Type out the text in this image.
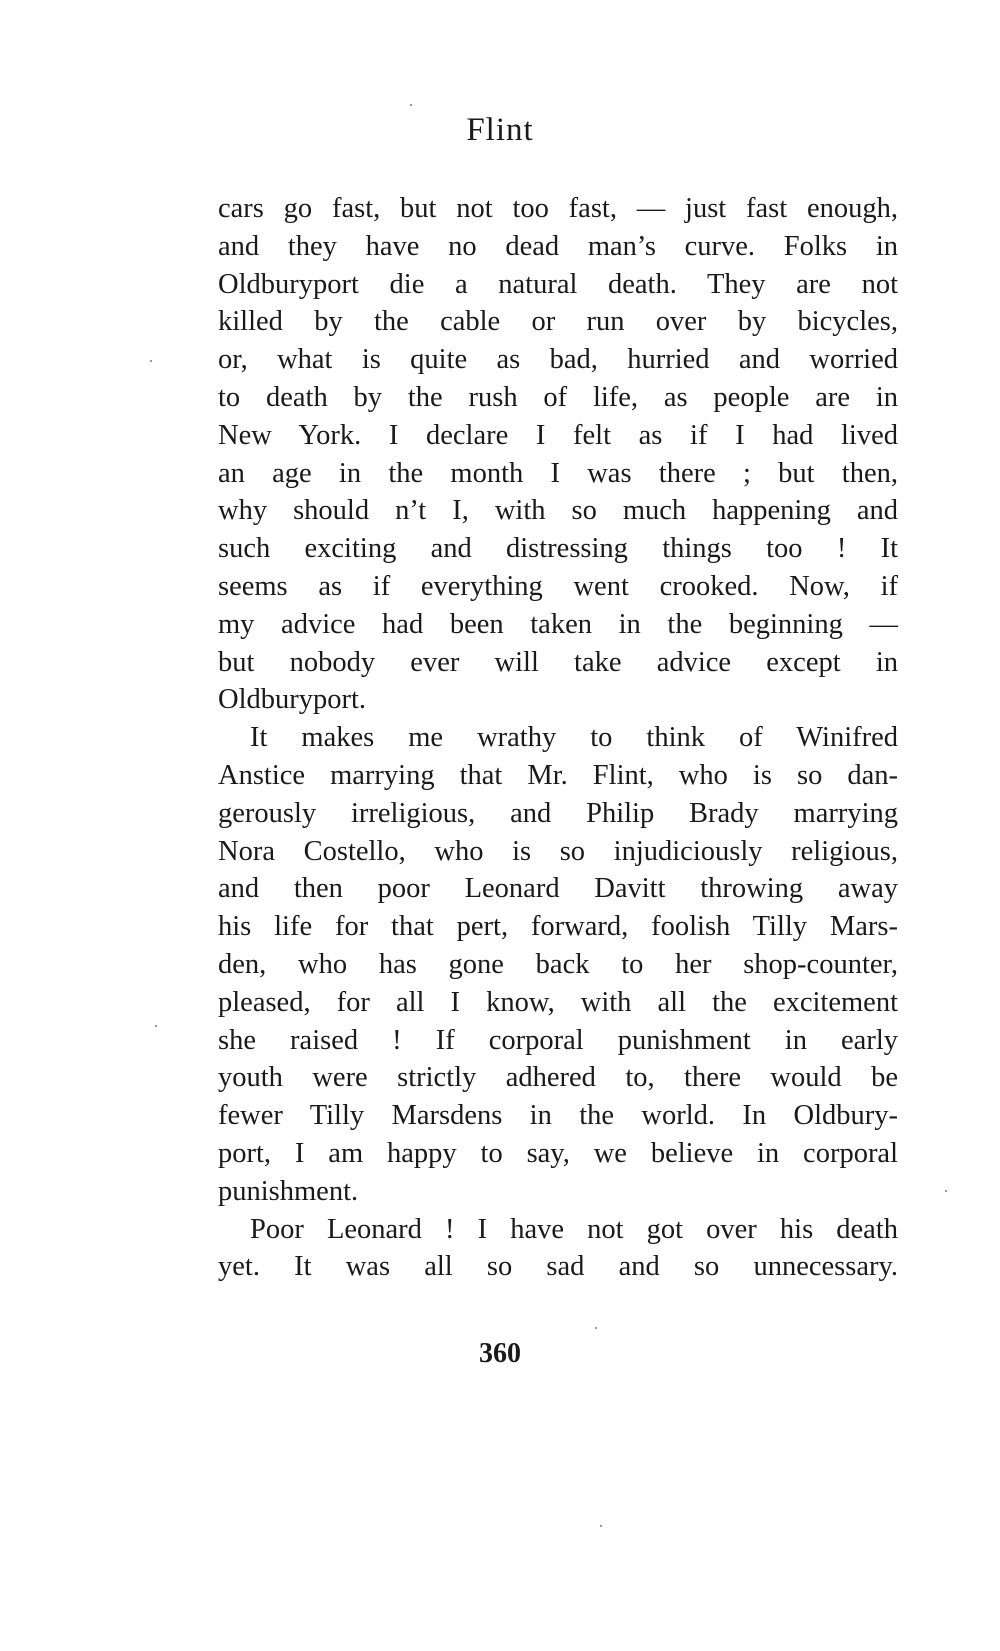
Flint
cars go fast, but not too fast, — just fast enough,
and they have no dead man’s curve. Folks in
Oldburyport die a natural death. They are not
killed by the cable or run over by bicycles,
or, what is quite as bad, hurried and worried
to death by the rush of life, as people are in
New York. I declare I felt as if I had lived
an age in the month I was there ; but then,
why should n’t I, with so much happening and
such exciting and distressing things too ! It
seems as if everything went crooked. Now, if
my advice had been taken in the beginning —
but nobody ever will take advice except in
Oldburyport.
It makes me wrathy to think of Winifred
Anstice marrying that Mr. Flint, who is so dan-
gerously irreligious, and Philip Brady marrying
Nora Costello, who is so injudiciously religious,
and then poor Leonard Davitt throwing away
his life for that pert, forward, foolish Tilly Mars-
den, who has gone back to her shop-counter,
pleased, for all I know, with all the excitement
she raised ! If corporal punishment in early
youth were strictly adhered to, there would be
fewer Tilly Marsdens in the world. In Oldbury-
port, I am happy to say, we believe in corporal
punishment.
Poor Leonard ! I have not got over his death
yet. It was all so sad and so unnecessary.
360
